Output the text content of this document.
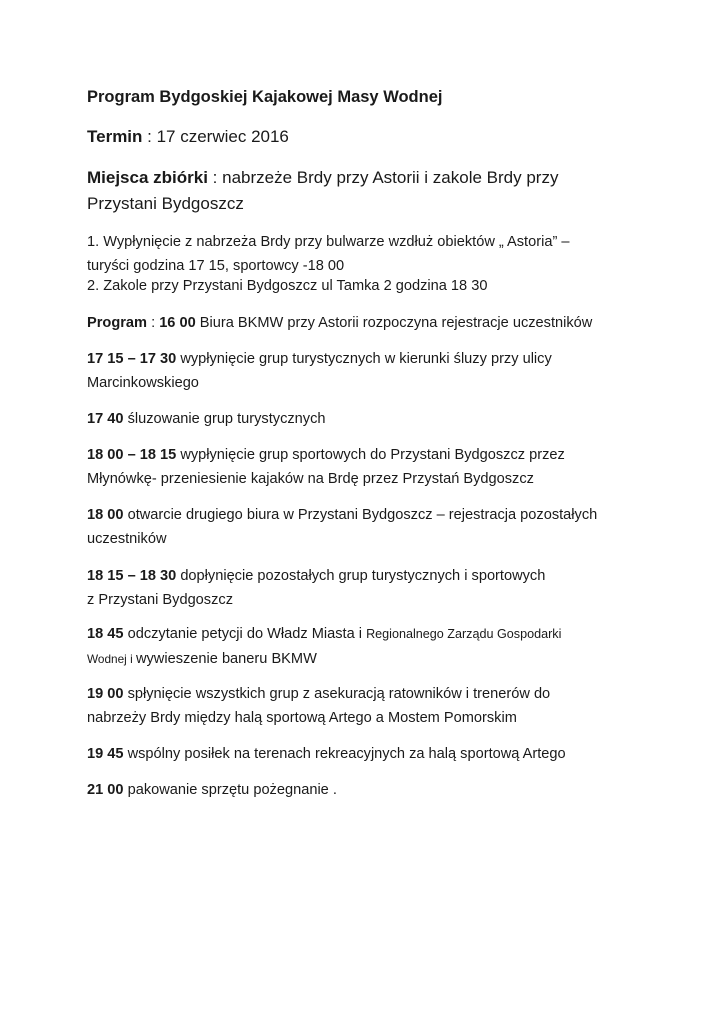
Program Bydgoskiej Kajakowej Masy Wodnej
Termin : 17 czerwiec 2016
Miejsca zbiórki : nabrzeże Brdy przy Astorii i zakole Brdy przy
Przystani Bydgoszcz
1. Wypłynięcie z nabrzeża Brdy przy bulwarze wzdłuż obiektów „ Astoria” –
turyści godzina 17 15, sportowcy -18 00
2. Zakole przy Przystani Bydgoszcz ul Tamka 2 godzina 18 30
Program : 16 00 Biura BKMW przy Astorii rozpoczyna rejestracje uczestników
17 15 – 17 30 wypłynięcie grup turystycznych w kierunki śluzy przy ulicy
Marcinkowskiego
17 40 śluzowanie grup turystycznych
18 00 – 18 15 wypłynięcie grup sportowych do Przystani Bydgoszcz przez
Młynówkę- przeniesienie kajaków na Brdę przez Przystań Bydgoszcz
18 00 otwarcie drugiego biura w Przystani Bydgoszcz – rejestracja pozostałych
uczestników
18 15 – 18 30 dopłynięcie pozostałych grup turystycznych i sportowych
z Przystani Bydgoszcz
18 45 odczytanie petycji do Władz Miasta i Regionalnego Zarządu Gospodarki
Wodnej i wywieszenie baneru BKMW
19 00 spłynięcie wszystkich grup z asekuracją ratowników i trenerów do
nabrzeży Brdy między halą sportową Artego a Mostem Pomorskim
19 45 wspólny posiłek na terenach rekreacyjnych za halą sportową Artego
21 00 pakowanie sprzętu pożegnanie .
